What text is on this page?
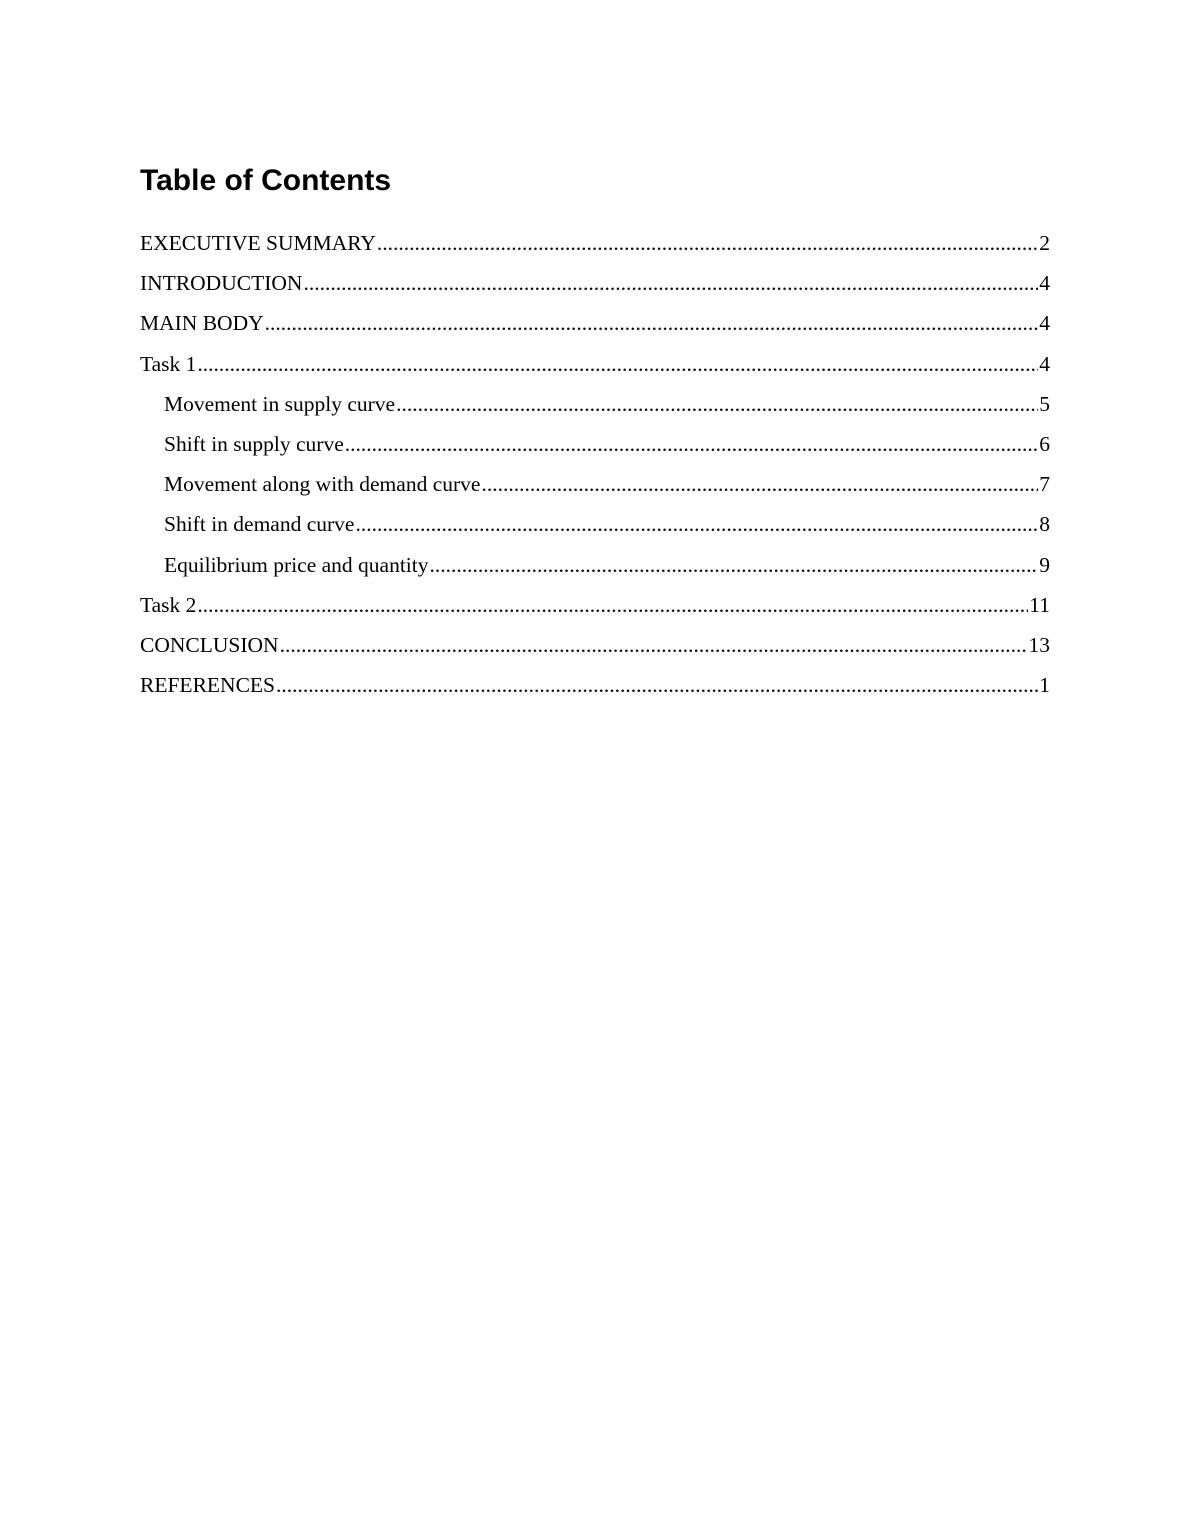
Table of Contents
EXECUTIVE SUMMARY .....	2
INTRODUCTION .....	4
MAIN BODY .....	4
Task 1 .....	4
Movement in supply curve .....	5
Shift in supply curve .....	6
Movement along with demand curve .....	7
Shift in demand curve .....	8
Equilibrium price and quantity .....	9
Task 2 .....	11
CONCLUSION .....	13
REFERENCES .....	1
